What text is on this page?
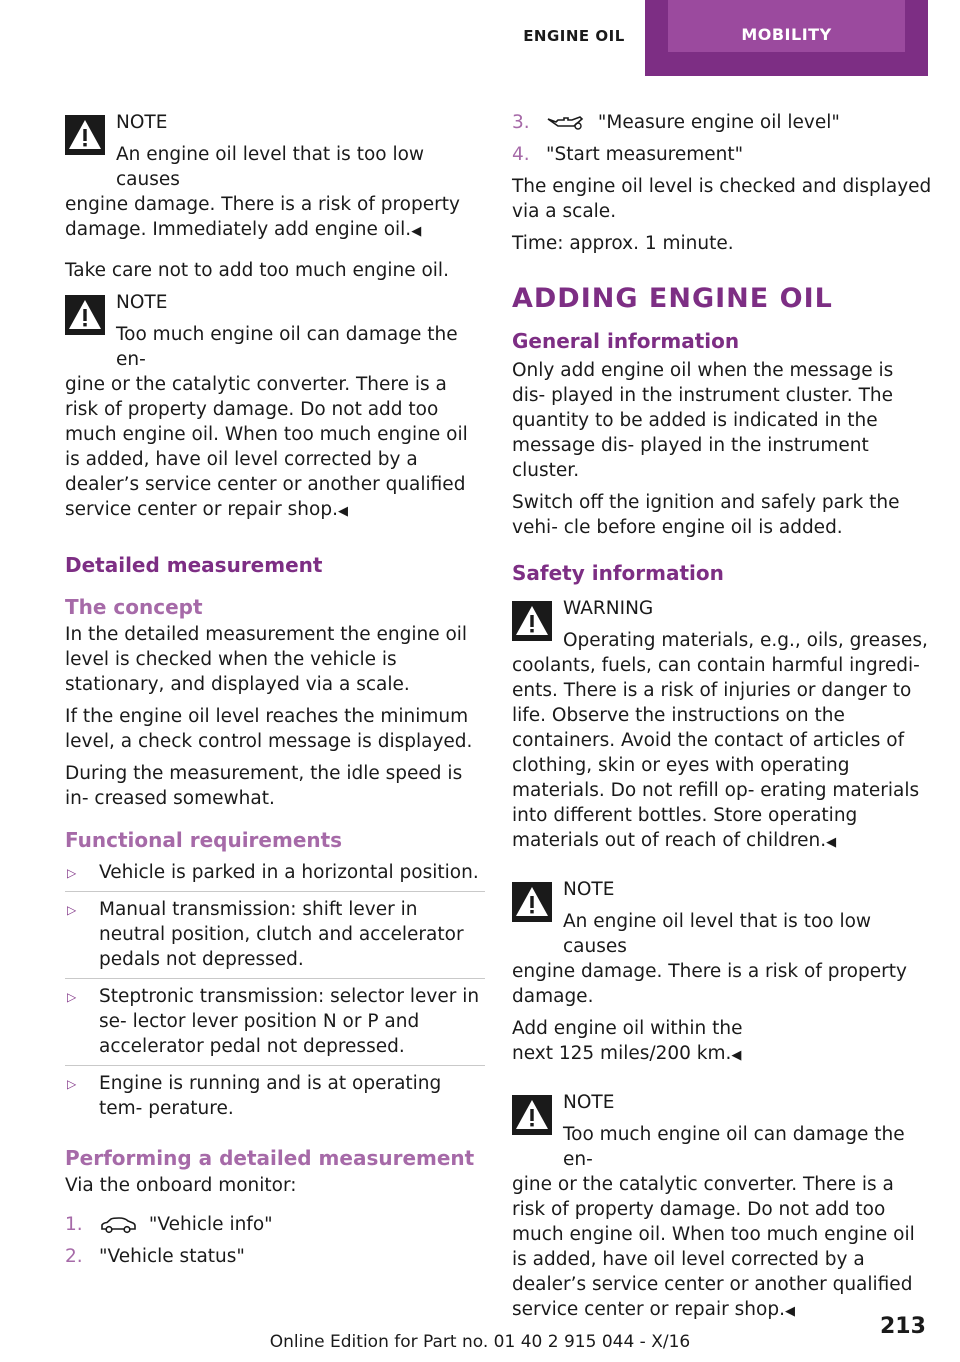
ENGINE OIL	MOBILITY
NOTE
An engine oil level that is too low causes
engine damage. There is a risk of property damage. Immediately add engine oil.◀

Take care not to add too much engine oil.

NOTE
Too much engine oil can damage the en-
gine or the catalytic converter. There is a risk of property damage. Do not add too much engine oil. When too much engine oil is added, have oil level corrected by a dealer’s service center or another qualified service center or repair shop.◀
Detailed measurement
The concept

In the detailed measurement the engine oil level is checked when the vehicle is stationary, and displayed via a scale.

If the engine oil level reaches the minimum level, a check control message is displayed.

During the measurement, the idle speed is in- creased somewhat.

Functional requirements
▷ Vehicle is parked in a horizontal position.
▷ Manual transmission: shift lever in neutral position, clutch and accelerator pedals not depressed.
▷ Steptronic transmission: selector lever in se- lector lever position N or P and accelerator pedal not depressed.
▷ Engine is running and is at operating tem- perature.
Performing a detailed measurement

Via the onboard monitor:

1.	"Vehicle info"
2. "Vehicle status"
3.	"Measure engine oil level"
4. "Start measurement"

The engine oil level is checked and displayed via a scale.

Time: approx. 1 minute.

ADDING ENGINE OIL
General information

Only add engine oil when the message is dis- played in the instrument cluster. The quantity to be added is indicated in the message dis- played in the instrument cluster.

Switch off the ignition and safely park the vehi- cle before engine oil is added.

Safety information
WARNING
Operating materials, e.g., oils, greases,
coolants, fuels, can contain harmful ingredi- ents. There is a risk of injuries or danger to life. Observe the instructions on the containers. Avoid the contact of articles of clothing, skin or eyes with operating materials. Do not refill op- erating materials into different bottles. Store operating materials out of reach of children.◀
NOTE
An engine oil level that is too low causes
engine damage. There is a risk of property damage.

Add engine oil within the next 125 miles/200 km.◀

NOTE
Too much engine oil can damage the en-
gine or the catalytic converter. There is a risk of property damage. Do not add too much engine oil. When too much engine oil is added, have oil level corrected by a dealer’s service center or another qualified service center or repair shop.◀
213
Online Edition for Part no. 01 40 2 915 044 - X/16
